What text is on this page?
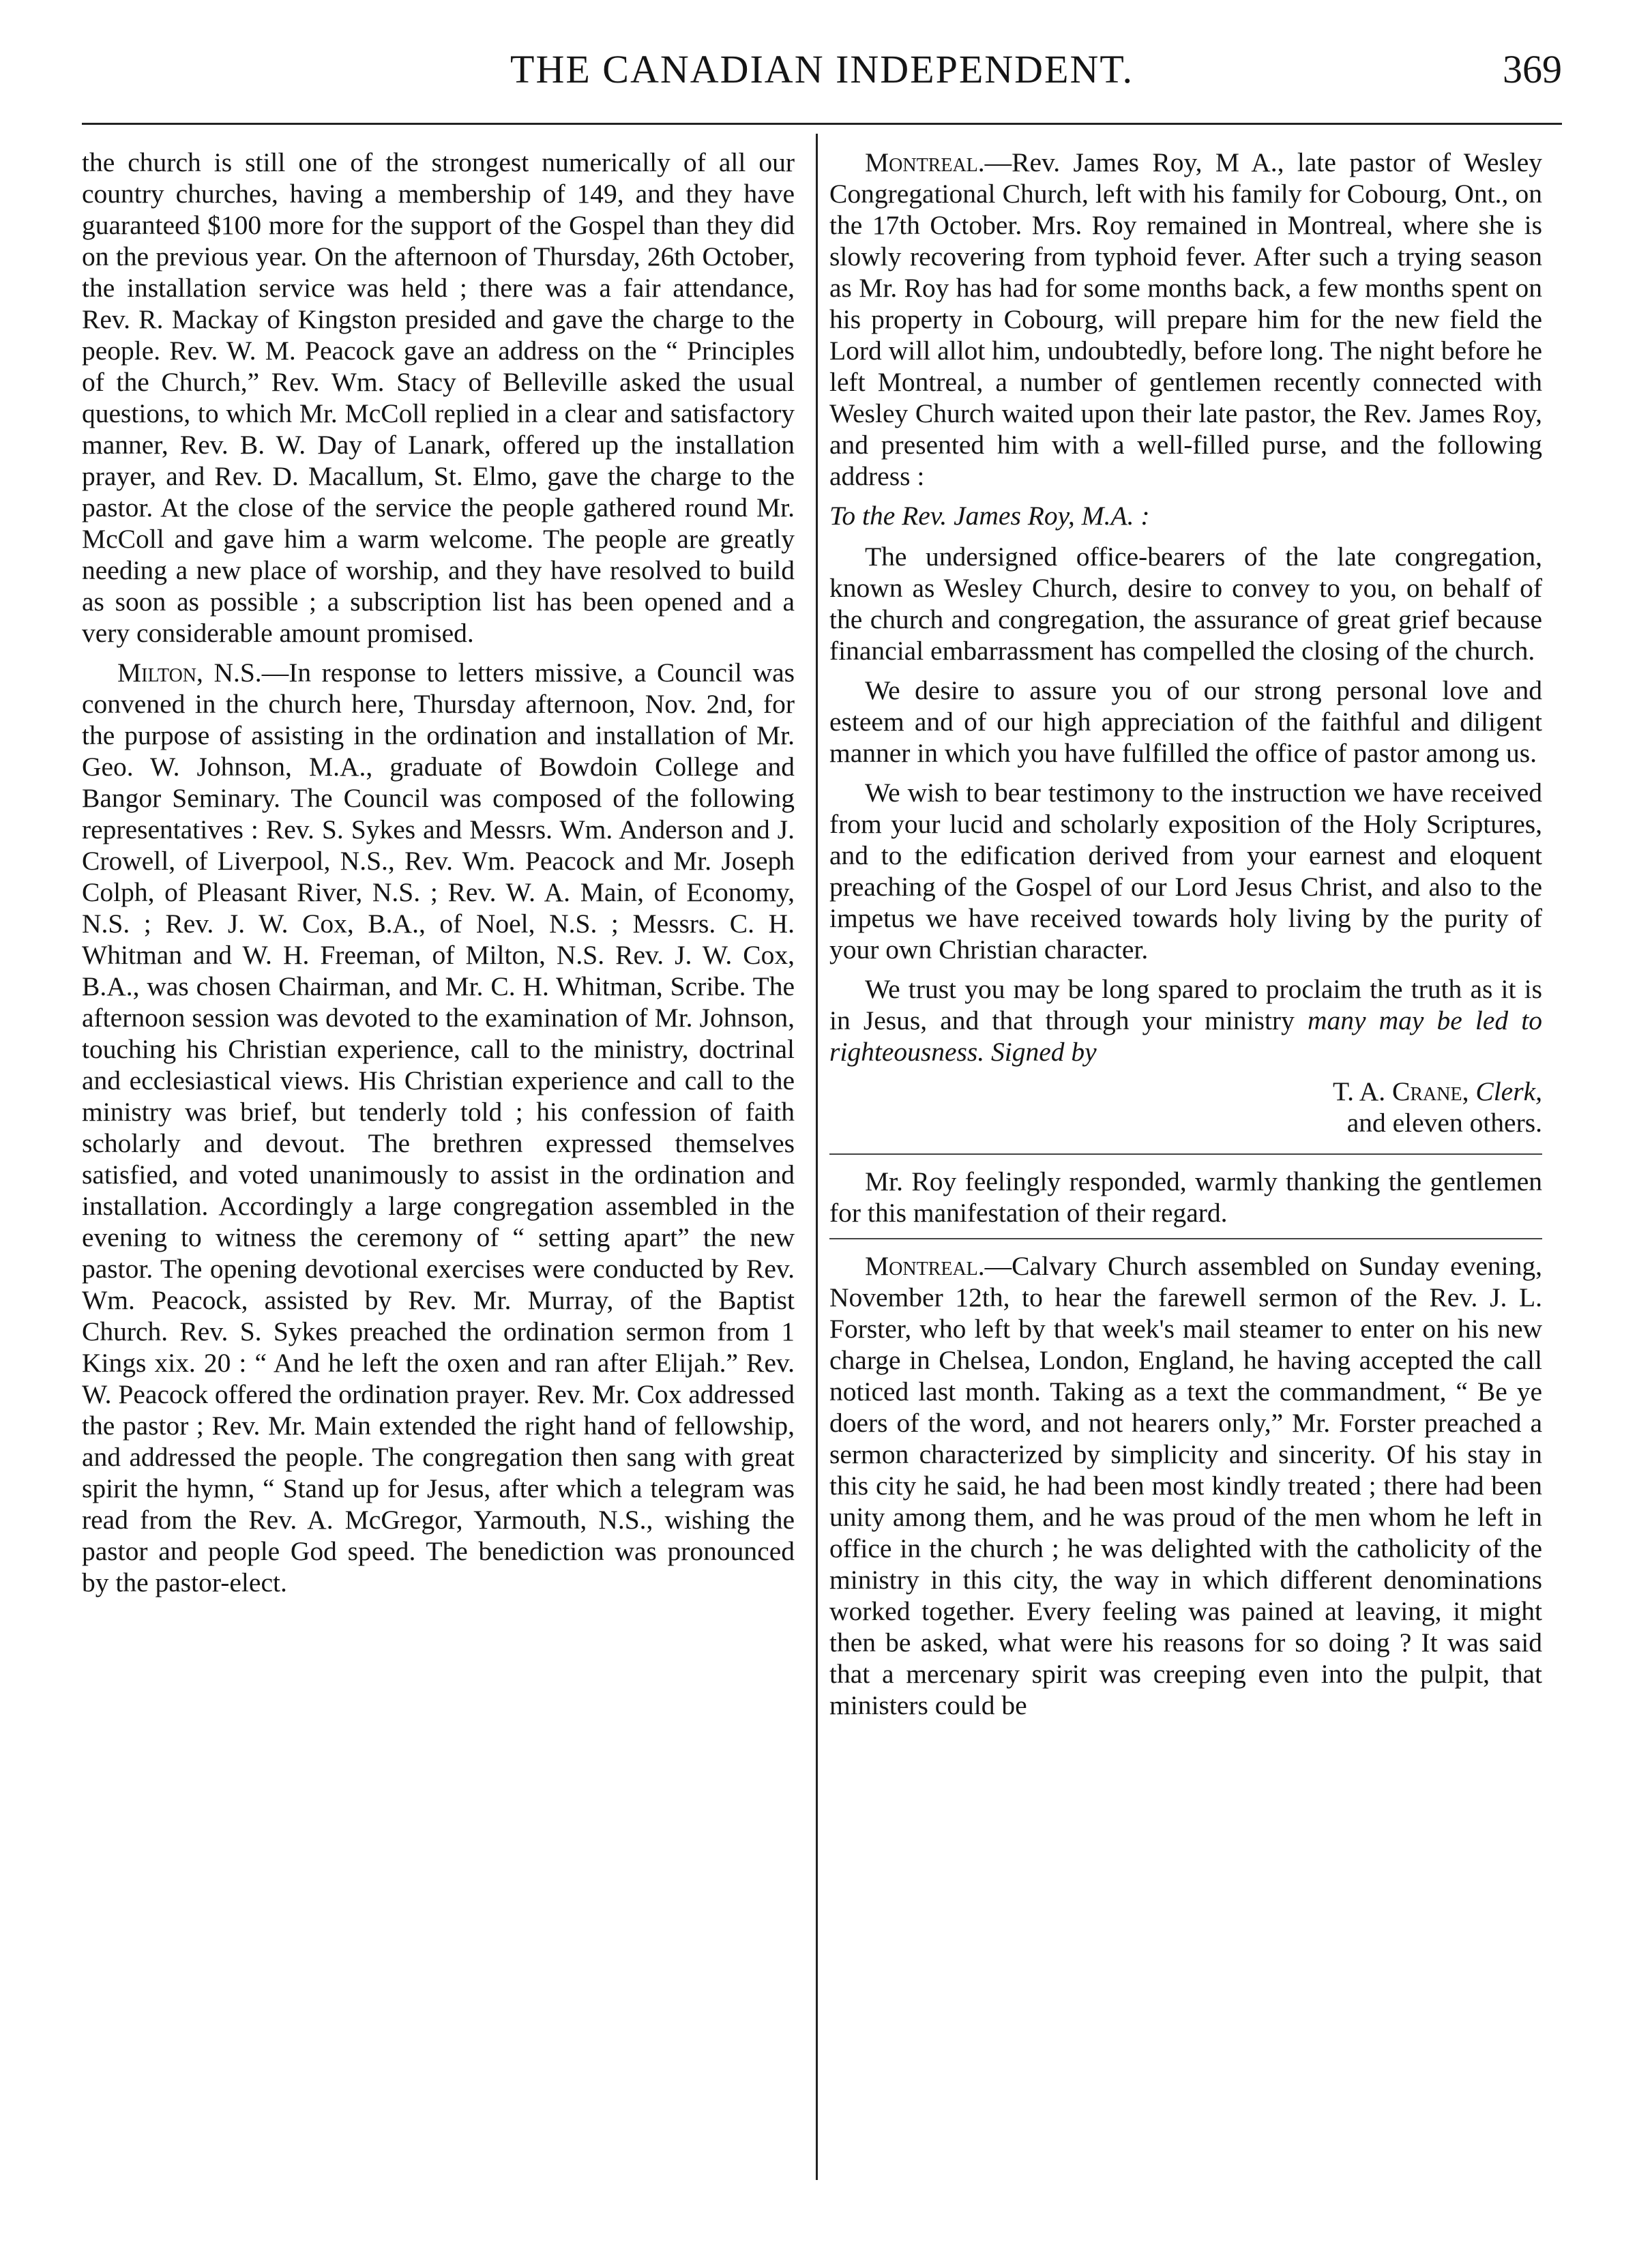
THE CANADIAN INDEPENDENT.	369

the church is still one of the strongest numerically of all our country churches, having a membership of 149, and they have guaranteed $100 more for the support of the Gospel than they did on the previous year. On the afternoon of Thursday, 26th October, the installation service was held ; there was a fair attendance, Rev. R. Mackay of Kingston presided and gave the charge to the people. Rev. W. M. Peacock gave an address on the “ Principles of the Church,” Rev. Wm. Stacy of Belleville asked the usual questions, to which Mr. McColl replied in a clear and satisfactory manner, Rev. B. W. Day of Lanark, offered up the installation prayer, and Rev. D. Macallum, St. Elmo, gave the charge to the pastor. At the close of the service the people gathered round Mr. McColl and gave him a warm welcome. The people are greatly needing a new place of worship, and they have resolved to build as soon as possible ; a subscription list has been opened and a very considerable amount promised.

Milton, N.S.—In response to letters missive, a Council was convened in the church here, Thursday afternoon, Nov. 2nd, for the purpose of assisting in the ordination and installation of Mr. Geo. W. Johnson, M.A., graduate of Bowdoin College and Bangor Seminary. The Council was composed of the following representatives : Rev. S. Sykes and Messrs. Wm. Anderson and J. Crowell, of Liverpool, N.S., Rev. Wm. Peacock and Mr. Joseph Colph, of Pleasant River, N.S. ; Rev. W. A. Main, of Economy, N.S. ; Rev. J. W. Cox, B.A., of Noel, N.S. ; Messrs. C. H. Whitman and W. H. Freeman, of Milton, N.S. Rev. J. W. Cox, B.A., was chosen Chairman, and Mr. C. H. Whitman, Scribe. The afternoon session was devoted to the examination of Mr. Johnson, touching his Christian experience, call to the ministry, doctrinal and ecclesiastical views. His Christian experience and call to the ministry was brief, but tenderly told ; his confession of faith scholarly and devout. The brethren expressed themselves satisfied, and voted unanimously to assist in the ordination and installation. Accordingly a large congregation assembled in the evening to witness the ceremony of “ setting apart” the new pastor. The opening devotional exercises were conducted by Rev. Wm. Peacock, assisted by Rev. Mr. Murray, of the Baptist Church. Rev. S. Sykes preached the ordination sermon from 1 Kings xix. 20 : “ And he left the oxen and ran after Elijah.” Rev. W. Peacock offered the ordination prayer. Rev. Mr. Cox addressed the pastor ; Rev. Mr. Main extended the right hand of fellowship, and addressed the people. The congregation then sang with great spirit the hymn, “ Stand up for Jesus, after which a telegram was read from the Rev. A. McGregor, Yarmouth, N.S., wishing the pastor and people God speed. The benediction was pronounced by the pastor-elect.

Montreal.—Rev. James Roy, M A., late pastor of Wesley Congregational Church, left with his family for Cobourg, Ont., on the 17th October. Mrs. Roy remained in Montreal, where she is slowly recovering from typhoid fever. After such a trying season as Mr. Roy has had for some months back, a few months spent on his property in Cobourg, will prepare him for the new field the Lord will allot him, undoubtedly, before long. The night before he left Montreal, a number of gentlemen recently connected with Wesley Church waited upon their late pastor, the Rev. James Roy, and presented him with a well-filled purse, and the following address :

To the Rev. James Roy, M.A. :

The undersigned office-bearers of the late congregation, known as Wesley Church, desire to convey to you, on behalf of the church and congregation, the assurance of great grief because financial embarrassment has compelled the closing of the church.

We desire to assure you of our strong personal love and esteem and of our high appreciation of the faithful and diligent manner in which you have fulfilled the office of pastor among us.

We wish to bear testimony to the instruction we have received from your lucid and scholarly exposition of the Holy Scriptures, and to the edification derived from your earnest and eloquent preaching of the Gospel of our Lord Jesus Christ, and also to the impetus we have received towards holy living by the purity of your own Christian character.

We trust you may be long spared to proclaim the truth as it is in Jesus, and that through your ministry many may be led to righteousness. Signed by

T. A. Crane, Clerk,
and eleven others.

Mr. Roy feelingly responded, warmly thanking the gentlemen for this manifestation of their regard.

Montreal.—Calvary Church assembled on Sunday evening, November 12th, to hear the farewell sermon of the Rev. J. L. Forster, who left by that week's mail steamer to enter on his new charge in Chelsea, London, England, he having accepted the call noticed last month. Taking as a text the commandment, “ Be ye doers of the word, and not hearers only,” Mr. Forster preached a sermon characterized by simplicity and sincerity. Of his stay in this city he said, he had been most kindly treated ; there had been unity among them, and he was proud of the men whom he left in office in the church ; he was delighted with the catholicity of the ministry in this city, the way in which different denominations worked together. Every feeling was pained at leaving, it might then be asked, what were his reasons for so doing ? It was said that a mercenary spirit was creeping even into the pulpit, that ministers could be
